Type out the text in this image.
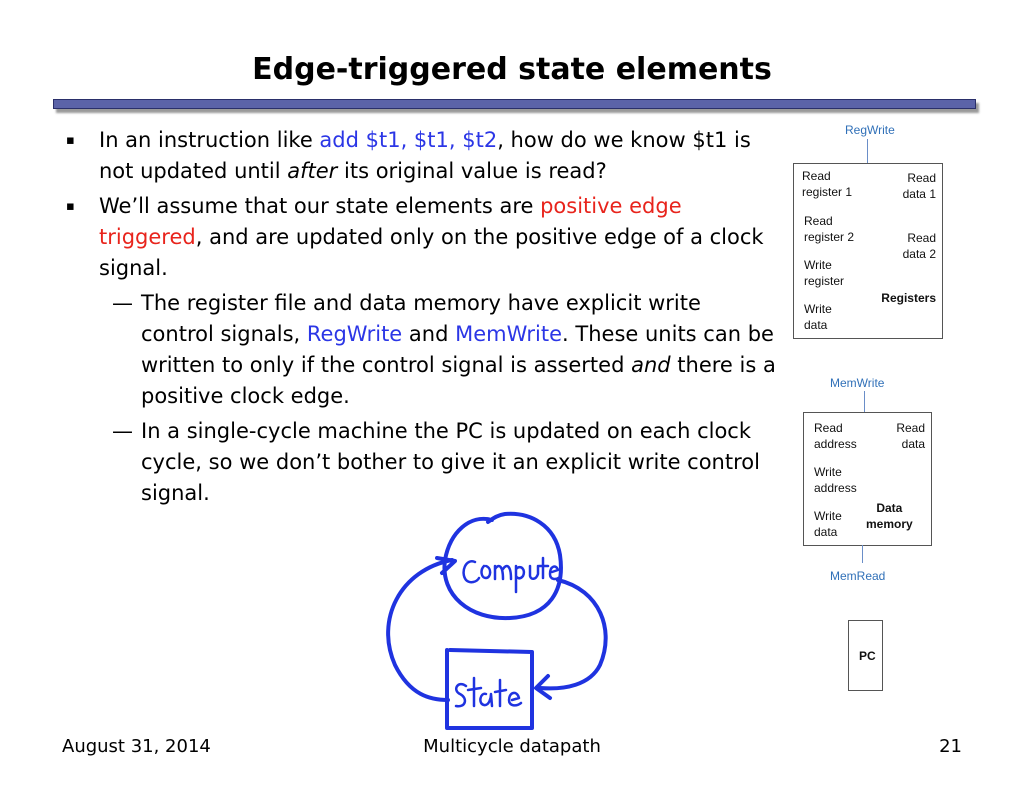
Edge-triggered state elements
▪ In an instruction like add $t1, $t1, $t2, how do we know $t1 is not updated until after its original value is read?
▪ We’ll assume that our state elements are positive edge triggered, and are updated only on the positive edge of a clock signal.
— The register file and data memory have explicit write control signals, RegWrite and MemWrite. These units can be written to only if the control signal is asserted and there is a positive clock edge.
— In a single-cycle machine the PC is updated on each clock cycle, so we don’t bother to give it an explicit write control signal.
RegWrite
Read
register 1
Read
data 1
Read
register 2	Read
data 2
Write
register
Registers
Write
data
MemWrite
Read
address
Read
data
Write
address
Data
memory
Write
data
MemRead
PC
August 31, 2014	Multicycle datapath	21
